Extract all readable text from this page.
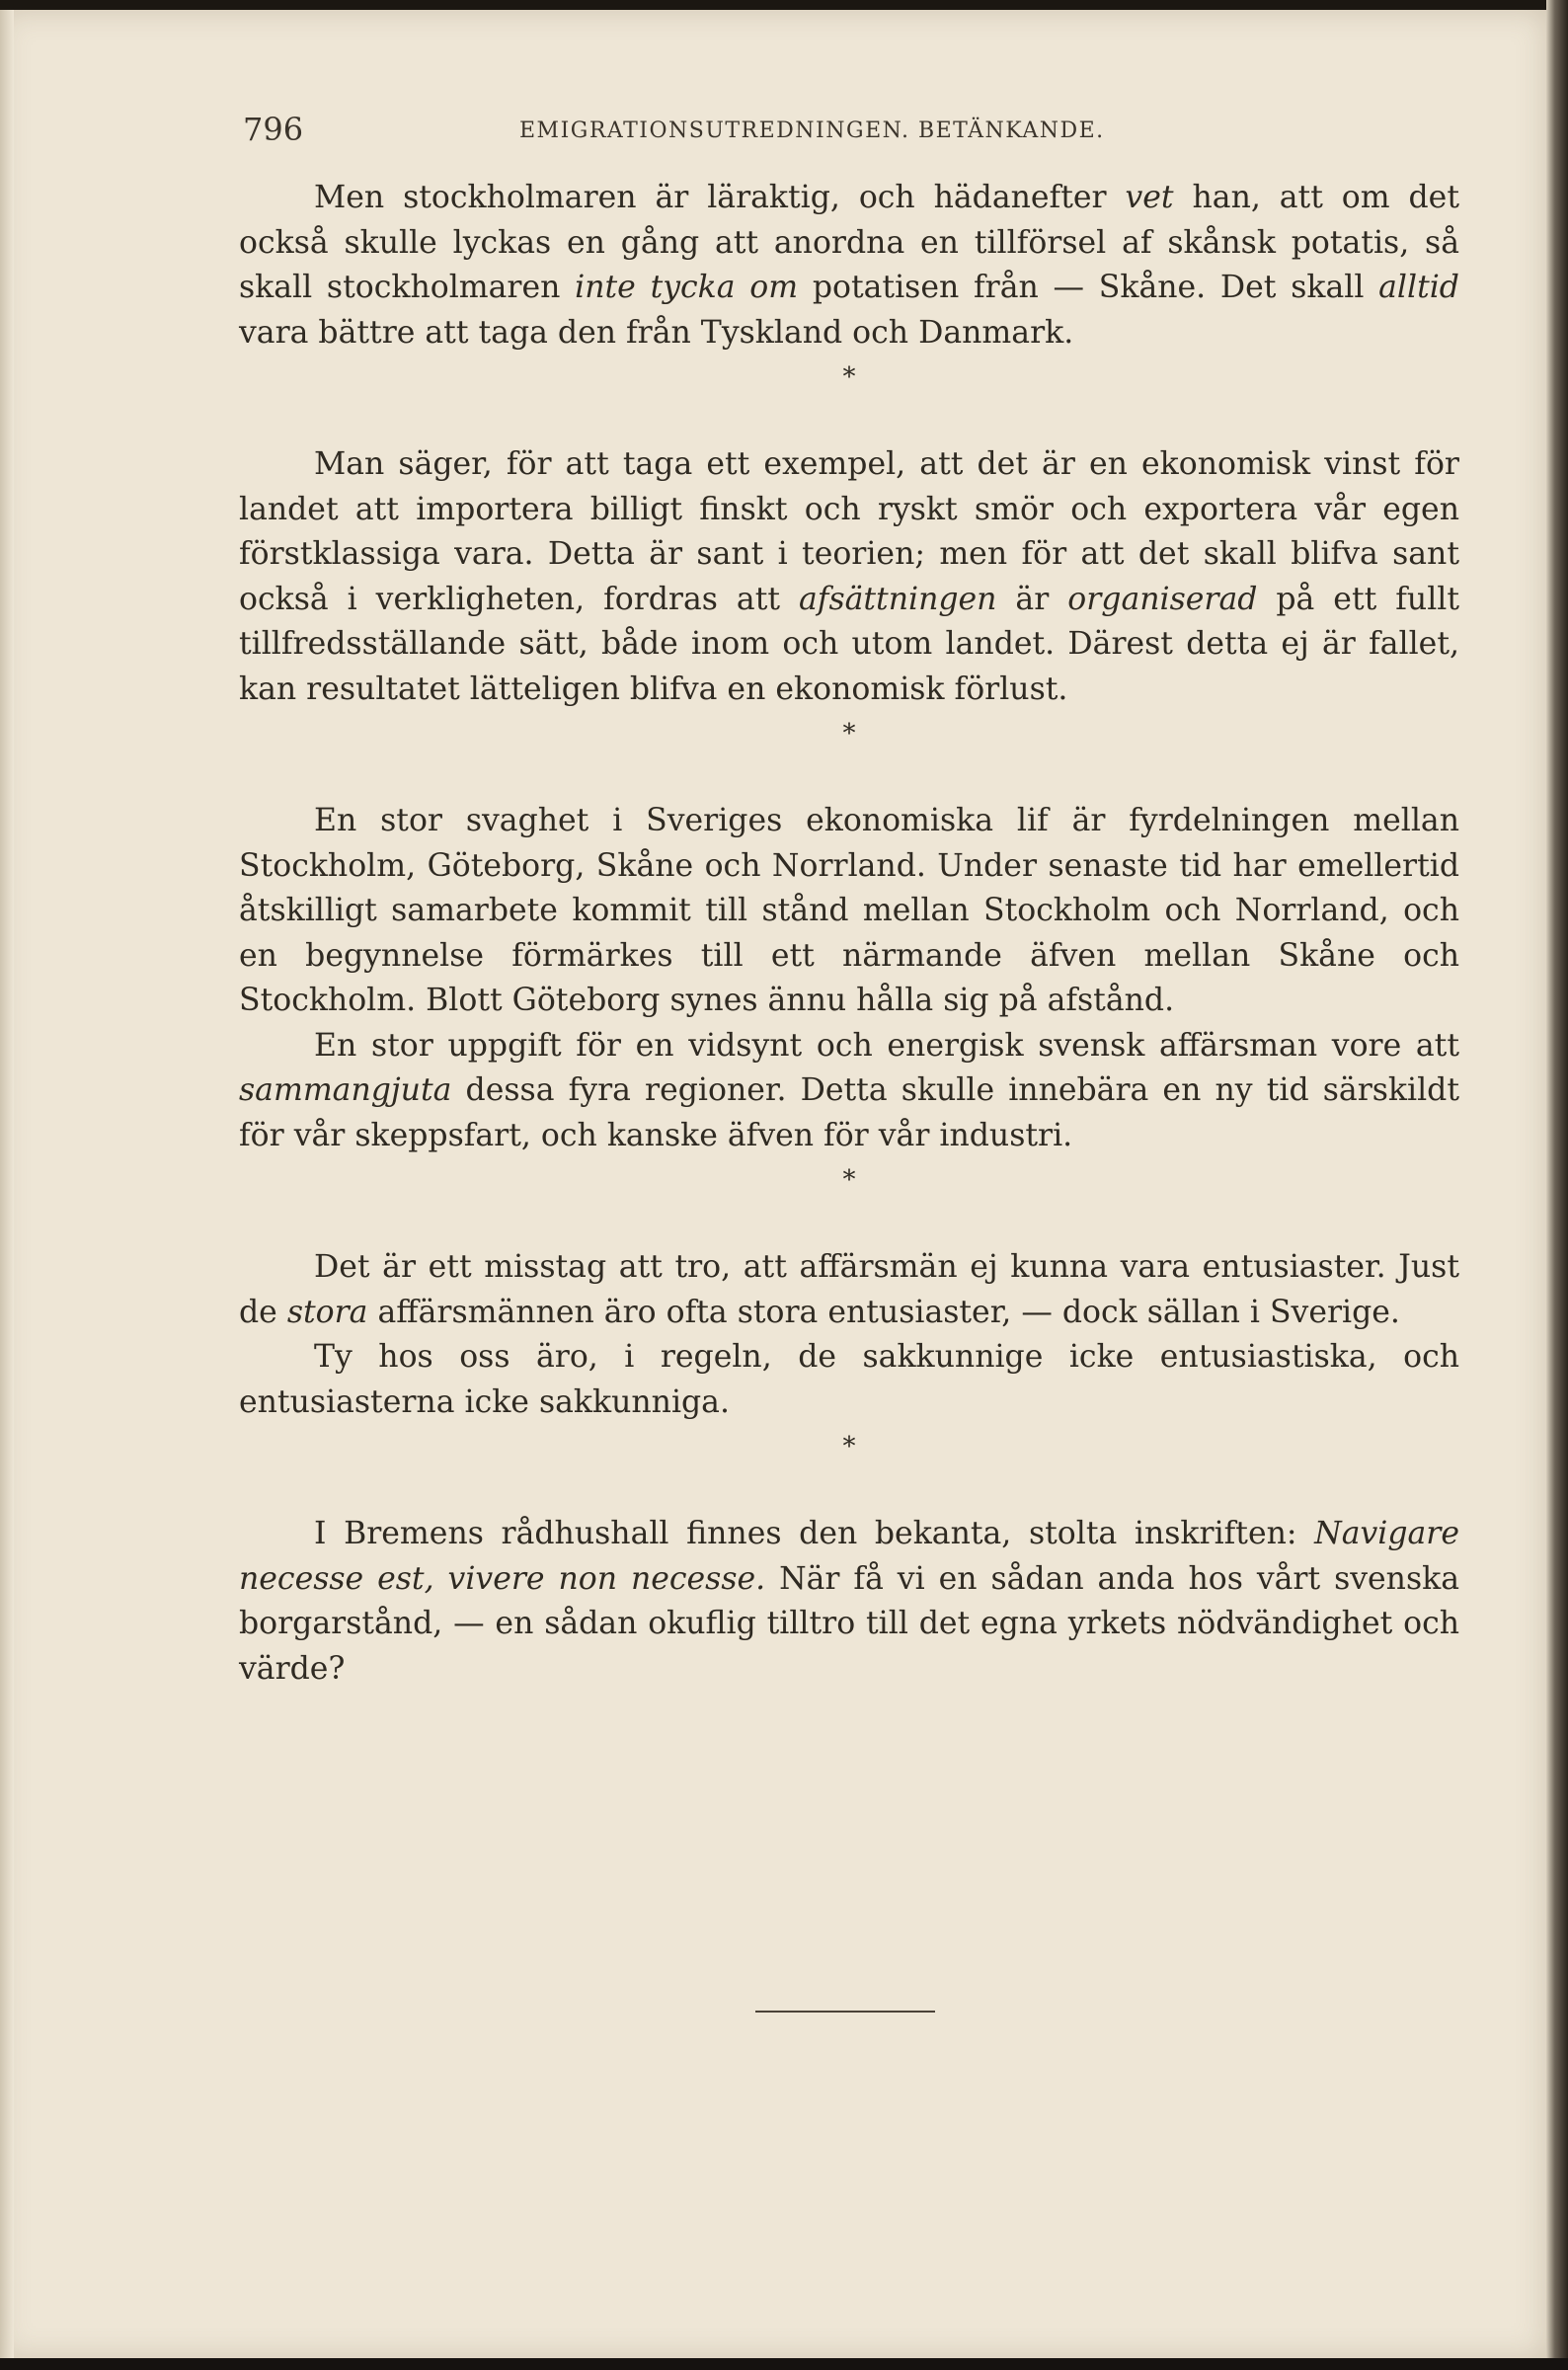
796	EMIGRATIONSUTREDNINGEN. BETÄNKANDE.

Men stockholmaren är läraktig, och hädanefter vet han, att om det också skulle lyckas en gång att anordna en tillförsel af skånsk potatis, så skall stockholmaren inte tycka om potatisen från — Skåne. Det skall alltid vara bättre att taga den från Tyskland och Danmark.

*

Man säger, för att taga ett exempel, att det är en ekonomisk vinst för landet att importera billigt finskt och ryskt smör och exportera vår egen förstklassiga vara. Detta är sant i teorien; men för att det skall blifva sant också i verkligheten, fordras att afsättningen är organiserad på ett fullt tillfredsställande sätt, både inom och utom landet. Därest detta ej är fallet, kan resultatet lätteligen blifva en ekonomisk förlust.

*

En stor svaghet i Sveriges ekonomiska lif är fyrdelningen mellan Stockholm, Göteborg, Skåne och Norrland. Under senaste tid har emellertid åtskilligt samarbete kommit till stånd mellan Stockholm och Norrland, och en begynnelse förmärkes till ett närmande äfven mellan Skåne och Stockholm. Blott Göteborg synes ännu hålla sig på afstånd.

En stor uppgift för en vidsynt och energisk svensk affärsman vore att sammangjuta dessa fyra regioner. Detta skulle innebära en ny tid särskildt för vår skeppsfart, och kanske äfven för vår industri.

*

Det är ett misstag att tro, att affärsmän ej kunna vara entusiaster. Just de stora affärsmännen äro ofta stora entusiaster, — dock sällan i Sverige.

Ty hos oss äro, i regeln, de sakkunnige icke entusiastiska, och entusiasterna icke sakkunniga.

*

I Bremens rådhushall finnes den bekanta, stolta inskriften: Navigare necesse est, vivere non necesse. När få vi en sådan anda hos vårt svenska borgarstånd, — en sådan okuflig tilltro till det egna yrkets nödvändighet och värde?
